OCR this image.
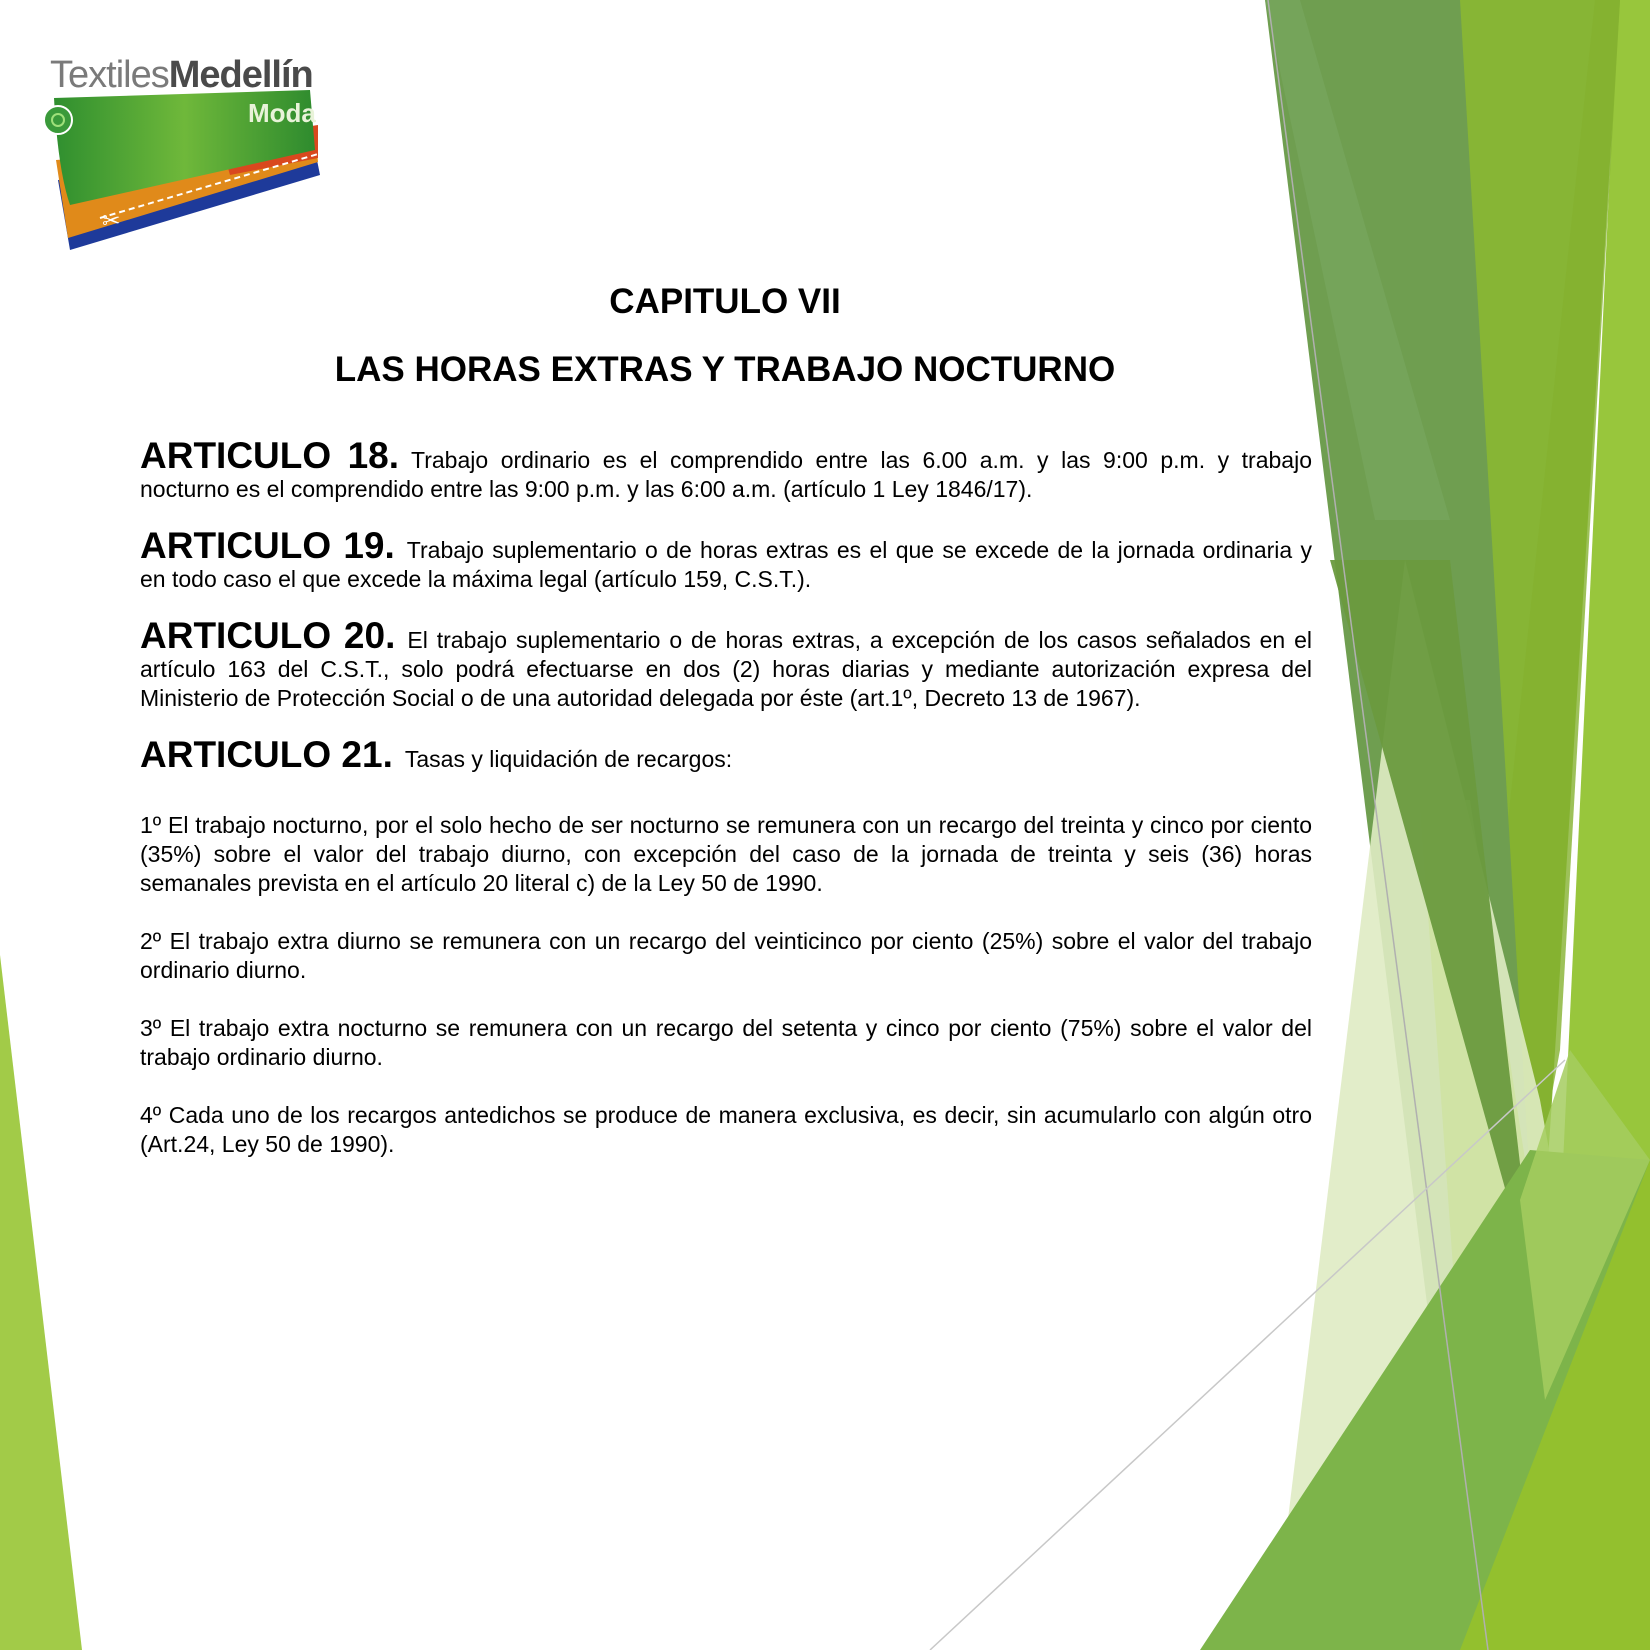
✂
TextilesMedellín
Moda
CAPITULO VII
LAS HORAS EXTRAS Y TRABAJO NOCTURNO

ARTICULO 18. Trabajo ordinario es el comprendido entre las 6.00 a.m. y las 9:00 p.m. y trabajo nocturno es el comprendido entre las 9:00 p.m. y las 6:00 a.m. (artículo 1 Ley 1846/17).

ARTICULO 19. Trabajo suplementario o de horas extras es el que se excede de la jornada ordinaria y en todo caso el que excede la máxima legal (artículo 159, C.S.T.).

ARTICULO 20. El trabajo suplementario o de horas extras, a excepción de los casos señalados en el artículo 163 del C.S.T., solo podrá efectuarse en dos (2) horas diarias y mediante autorización expresa del Ministerio de Protección Social o de una autoridad delegada por éste (art.1º, Decreto 13 de 1967).

ARTICULO 21. Tasas y liquidación de recargos:

1º El trabajo nocturno, por el solo hecho de ser nocturno se remunera con un recargo del treinta y cinco por ciento (35%) sobre el valor del trabajo diurno, con excepción del caso de la jornada de treinta y seis (36) horas semanales prevista en el artículo 20 literal c) de la Ley 50 de 1990.

2º El trabajo extra diurno se remunera con un recargo del veinticinco por ciento (25%) sobre el valor del trabajo ordinario diurno.

3º El trabajo extra nocturno se remunera con un recargo del setenta y cinco por ciento (75%) sobre el valor del trabajo ordinario diurno.

4º Cada uno de los recargos antedichos se produce de manera exclusiva, es decir, sin acumularlo con algún otro (Art.24, Ley 50 de 1990).
